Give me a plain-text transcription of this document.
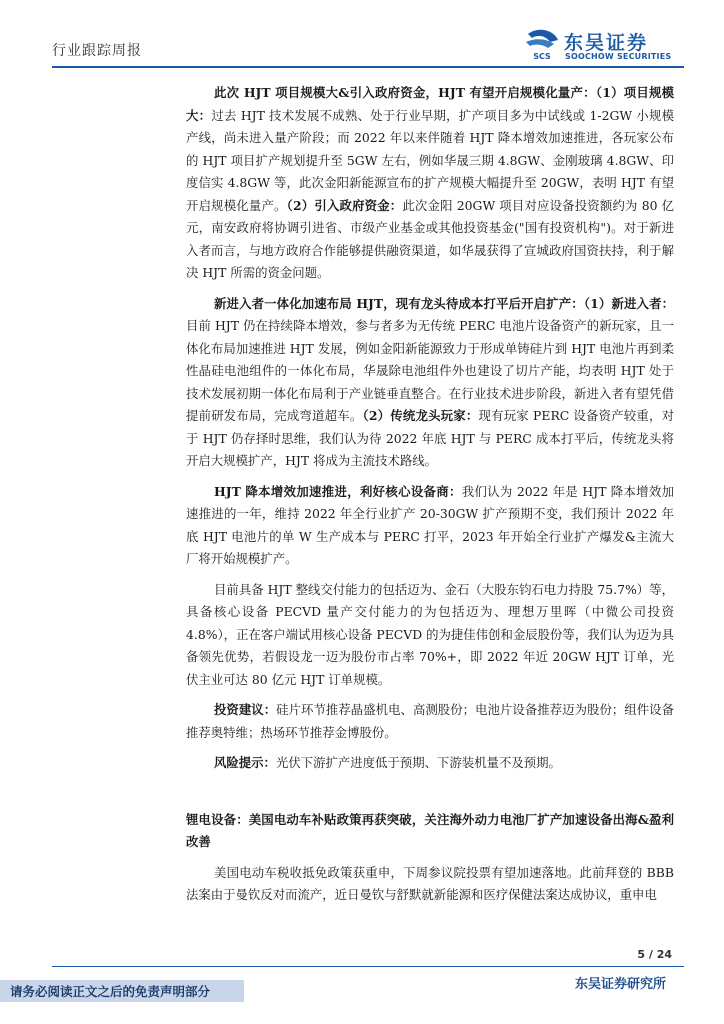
行业跟踪周报	SCS
东吴证券
SOOCHOW SECURITIES

此次 HJT 项目规模大&引入政府资金，HJT 有望开启规模化量产：（1）项目规模大：过去 HJT 技术发展不成熟、处于行业早期，扩产项目多为中试线或 1-2GW 小规模产线，尚未进入量产阶段；而 2022 年以来伴随着 HJT 降本增效加速推进，各玩家公布的 HJT 项目扩产规划提升至 5GW 左右，例如华晟三期 4.8GW、金刚玻璃 4.8GW、印度信实 4.8GW 等，此次金阳新能源宣布的扩产规模大幅提升至 20GW，表明 HJT 有望开启规模化量产。（2）引入政府资金：此次金阳 20GW 项目对应设备投资额约为 80 亿元，南安政府将协调引进省、市级产业基金或其他投资基金("国有投资机构")。对于新进入者而言，与地方政府合作能够提供融资渠道，如华晟获得了宣城政府国资扶持，利于解决 HJT 所需的资金问题。

新进入者一体化加速布局 HJT，现有龙头待成本打平后开启扩产：（1）新进入者：目前 HJT 仍在持续降本增效，参与者多为无传统 PERC 电池片设备资产的新玩家，且一体化布局加速推进 HJT 发展，例如金阳新能源致力于形成单铸硅片到 HJT 电池片再到柔性晶硅电池组件的一体化布局，华晟除电池组件外也建设了切片产能，均表明 HJT 处于技术发展初期一体化布局利于产业链垂直整合。在行业技术进步阶段，新进入者有望凭借提前研发布局，完成弯道超车。（2）传统龙头玩家：现有玩家 PERC 设备资产较重，对于 HJT 仍存择时思维，我们认为待 2022 年底 HJT 与 PERC 成本打平后，传统龙头将开启大规模扩产，HJT 将成为主流技术路线。

HJT 降本增效加速推进，利好核心设备商：我们认为 2022 年是 HJT 降本增效加速推进的一年，维持 2022 年全行业扩产 20-30GW 扩产预期不变，我们预计 2022 年底 HJT 电池片的单 W 生产成本与 PERC 打平，2023 年开始全行业扩产爆发&主流大厂将开始规模扩产。

目前具备 HJT 整线交付能力的包括迈为、金石（大股东钧石电力持股 75.7%）等，具备核心设备 PECVD 量产交付能力的为包括迈为、理想万里晖（中微公司投资 4.8%），正在客户端试用核心设备 PECVD 的为捷佳伟创和金辰股份等，我们认为迈为具备领先优势，若假设龙一迈为股份市占率 70%+，即 2022 年近 20GW HJT 订单，光伏主业可达 80 亿元 HJT 订单规模。

投资建议：硅片环节推荐晶盛机电、高测股份；电池片设备推荐迈为股份；组件设备推荐奥特维；热场环节推荐金博股份。

风险提示：光伏下游扩产进度低于预期、下游装机量不及预期。

锂电设备：美国电动车补贴政策再获突破，关注海外动力电池厂扩产加速设备出海&盈利改善

美国电动车税收抵免政策获重申，下周参议院投票有望加速落地。此前拜登的 BBB 法案由于曼钦反对而流产，近日曼钦与舒默就新能源和医疗保健法案达成协议，重申电

5 / 24
东吴证券研究所
请务必阅读正文之后的免责声明部分
